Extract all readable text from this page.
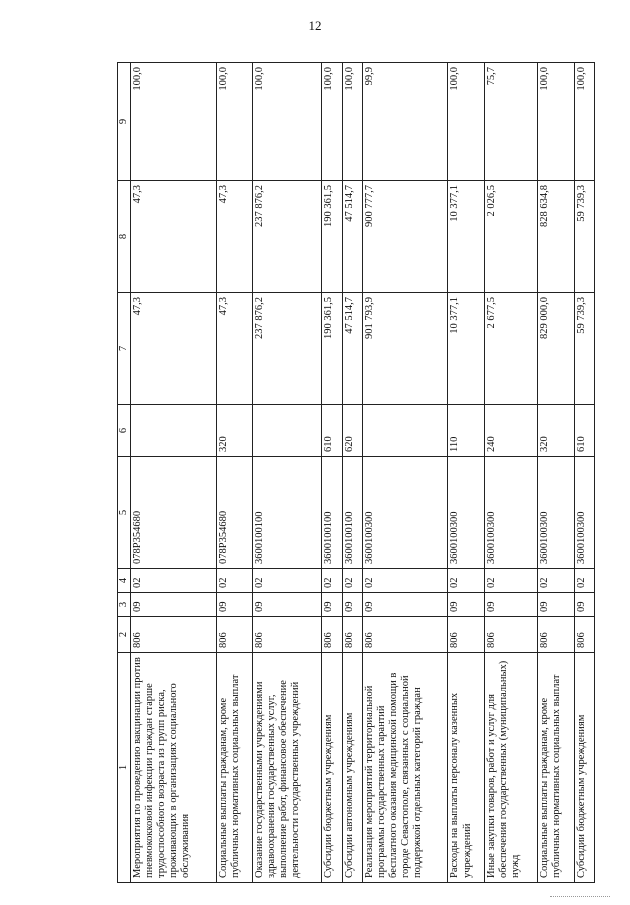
12
1	2	3	4	5	6	7	8	9
Мероприятия по проведению вакцинации против пневмококковой инфекции граждан старше трудоспособного возраста из групп риска, проживающих в организациях социального обслуживания	806	09	02	078P354680		47,3	47,3	100,0
Социальные выплаты гражданам, кроме публичных нормативных социальных выплат	806	09	02	078P354680	320	47,3	47,3	100,0
Оказание государственными учреждениями здравоохранения государственных услуг, выполнение работ, финансовое обеспечение деятельности государственных учреждений	806	09	02	3600100100		237 876,2	237 876,2	100,0
Субсидии бюджетным учреждениям	806	09	02	3600100100	610	190 361,5	190 361,5	100,0
Субсидии автономным учреждениям	806	09	02	3600100100	620	47 514,7	47 514,7	100,0
Реализация мероприятий территориальной программы государственных гарантий бесплатного оказания медицинской помощи в городе Севастополе, связанных с социальной поддержкой отдельных категорий граждан	806	09	02	3600100300		901 793,9	900 777,7	99,9
Расходы на выплаты персоналу казенных учреждений	806	09	02	3600100300	110	10 377,1	10 377,1	100,0
Иные закупки товаров, работ и услуг для обеспечения государственных (муниципальных) нужд	806	09	02	3600100300	240	2 677,5	2 026,5	75,7
Социальные выплаты гражданам, кроме публичных нормативных социальных выплат	806	09	02	3600100300	320	829 000,0	828 634,8	100,0
Субсидии бюджетным учреждениям	806	09	02	3600100300	610	59 739,3	59 739,3	100,0
